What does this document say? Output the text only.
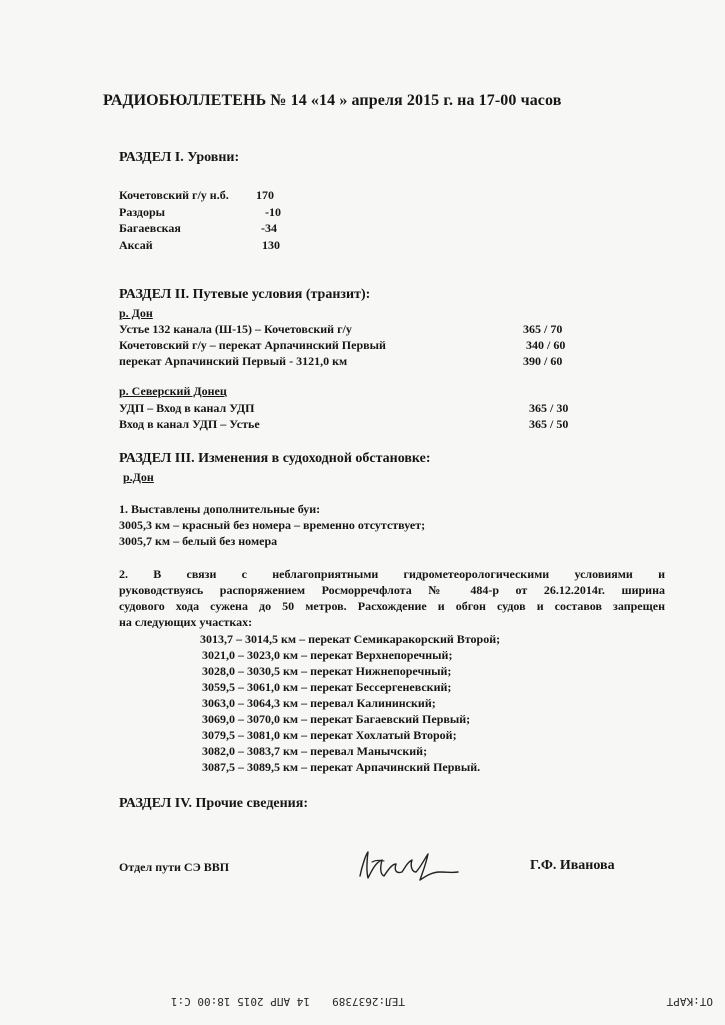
РАДИОБЮЛЛЕТЕНЬ № 14 «14 » апреля 2015 г. на 17-00 часов
РАЗДЕЛ I. Уровни:
Кочетовский г/у н.б. 170
Раздоры	-10
Багаевская	-34
Аксай	130
РАЗДЕЛ II. Путевые условия (транзит):
р. Дон
Устье 132 канала (Ш-15) – Кочетовский г/у	365 / 70
Кочетовский г/у – перекат Арпачинский Первый	340 / 60
перекат Арпачинский Первый - 3121,0 км	390 / 60
р. Северский Донец
УДП – Вход в канал УДП	365 / 30
Вход в канал УДП – Устье	365 / 50
РАЗДЕЛ III. Изменения в судоходной обстановке:
р.Дон
1. Выставлены дополнительные буи:
3005,3 км – красный без номера – временно отсутствует;
3005,7 км – белый без номера
2. В связи с неблагоприятными гидрометеорологическими условиями и
руководствуясь распоряжением Росморречфлота № 484-р от 26.12.2014г. ширина
судового хода сужена до 50 метров. Расхождение и обгон судов и составов запрещен
на следующих участках:
3013,7 – 3014,5 км – перекат Семикаракорский Второй;
3021,0 – 3023,0 км – перекат Верхнепоречный;
3028,0 – 3030,5 км – перекат Нижнепоречный;
3059,5 – 3061,0 км – перекат Бессергеневский;
3063,0 – 3064,3 км – перевал Калининский;
3069,0 – 3070,0 км – перекат Багаевский Первый;
3079,5 – 3081,0 км – перекат Хохлатый Второй;
3082,0 – 3083,7 км – перевал Манычский;
3087,5 – 3089,5 км – перекат Арпачинский Первый.
РАЗДЕЛ IV. Прочие сведения:
Отдел пути СЭ ВВП	Г.Ф. Иванова
OT:KAPT
TEЛ:2637389
14 АПР 2015 18:00 C:1
